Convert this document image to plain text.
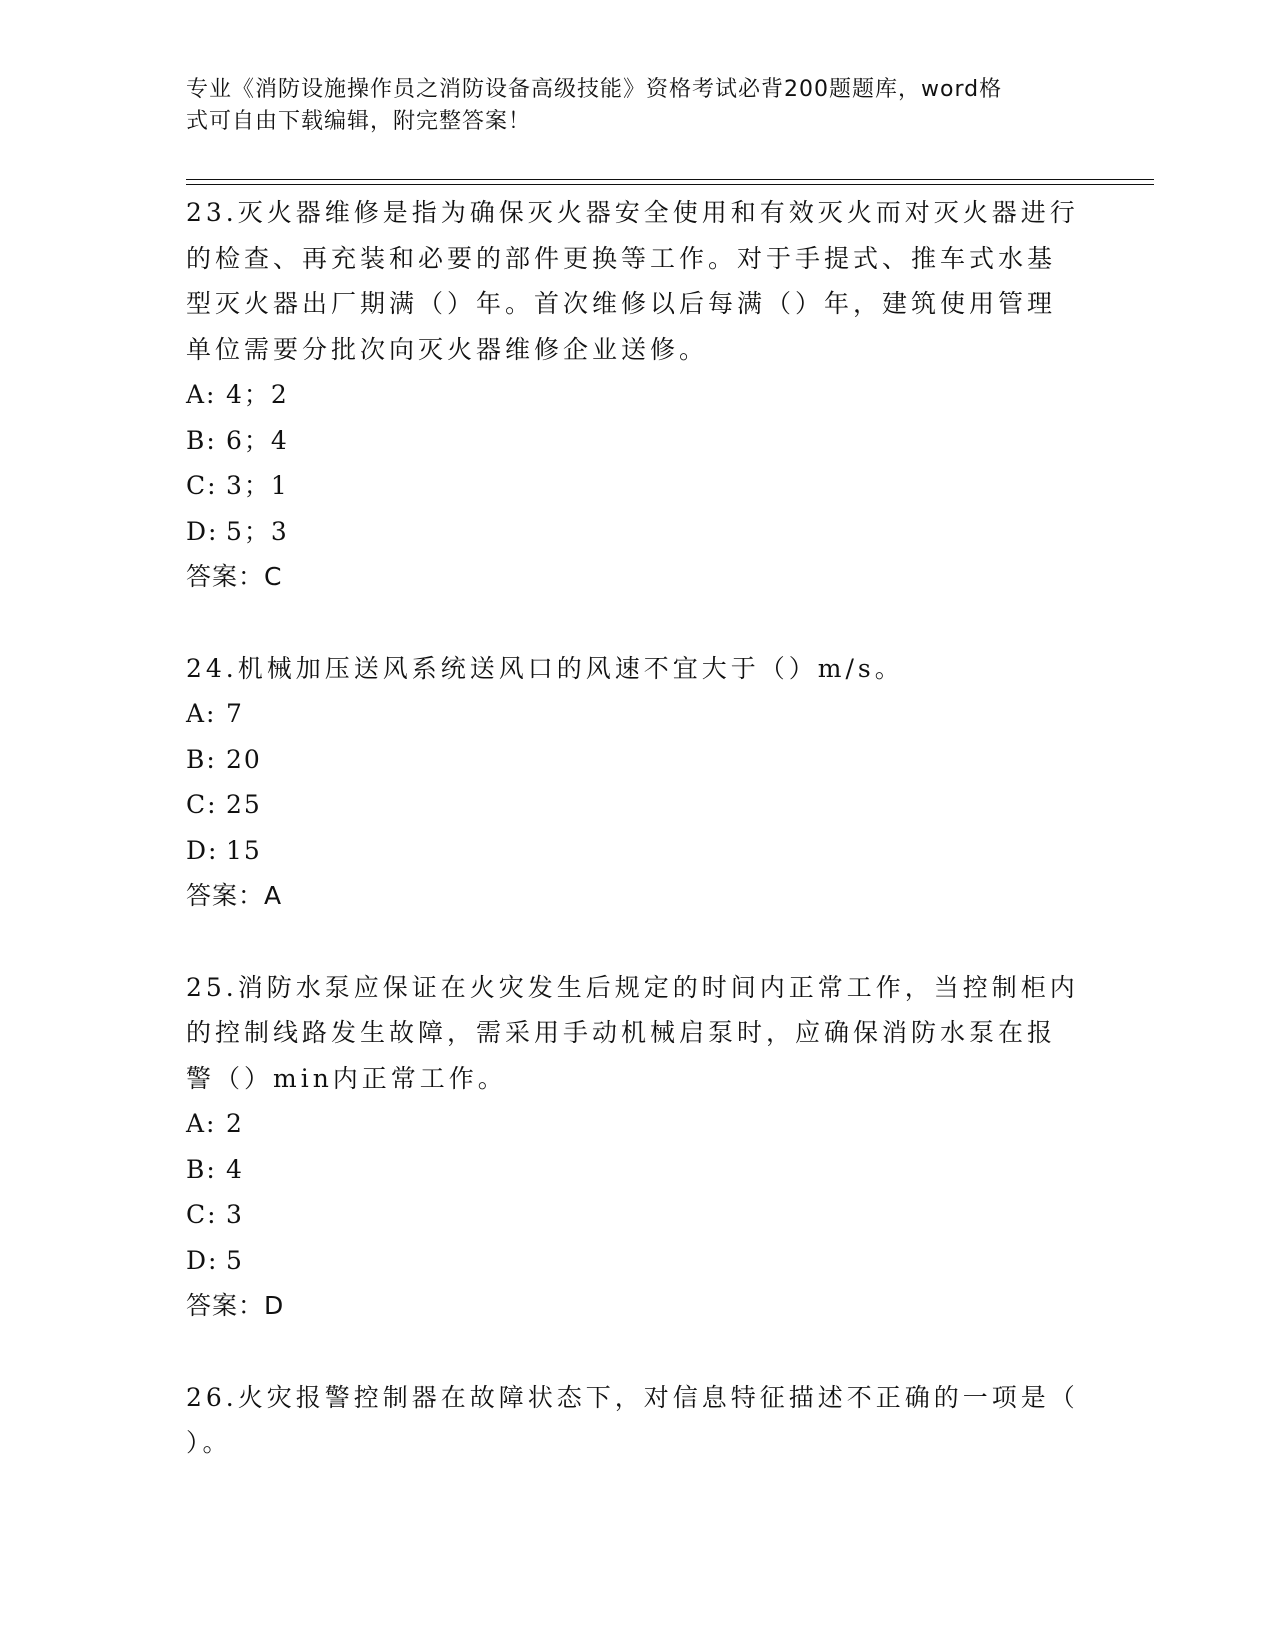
专业《消防设施操作员之消防设备高级技能》资格考试必背200题题库，word格
式可自由下载编辑，附完整答案！

23.灭火器维修是指为确保灭火器安全使用和有效灭火而对灭火器进行

的检查、再充装和必要的部件更换等工作。对于手提式、推车式水基

型灭火器出厂期满（）年。首次维修以后每满（）年，建筑使用管理

单位需要分批次向灭火器维修企业送修。

A: 4；2

B: 6；4

C: 3；1

D: 5；3

答案：C

24.机械加压送风系统送风口的风速不宜大于（）m/s。

A: 7

B: 20

C: 25

D: 15

答案：A

25.消防水泵应保证在火灾发生后规定的时间内正常工作，当控制柜内

的控制线路发生故障，需采用手动机械启泵时，应确保消防水泵在报

警（）min内正常工作。

A: 2

B: 4

C: 3

D: 5

答案：D

26.火灾报警控制器在故障状态下，对信息特征描述不正确的一项是（

）。
